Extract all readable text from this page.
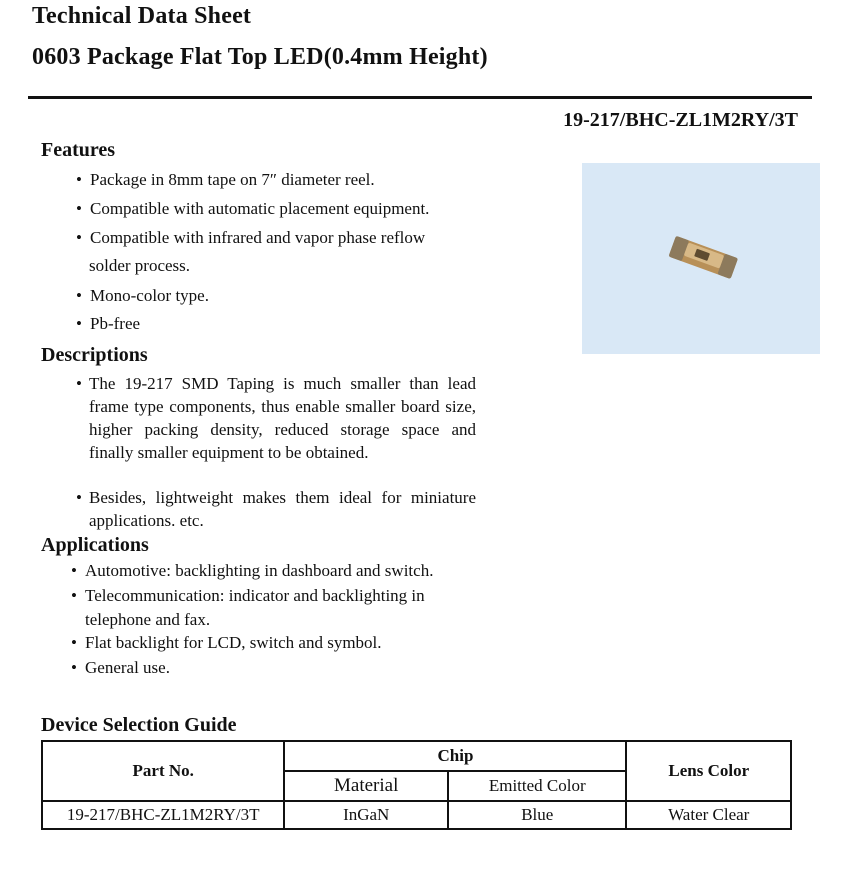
Technical Data Sheet
0603 Package Flat Top LED(0.4mm Height)
19-217/BHC-ZL1M2RY/3T
Features
• Package in 8mm tape on 7″ diameter reel.
• Compatible with automatic placement equipment.
• Compatible with infrared and vapor phase reflow
solder process.
• Mono-color type.
• Pb-free
Descriptions
• The 19-217 SMD Taping is much smaller than lead frame type components, thus enable smaller board size, higher packing density, reduced storage space and finally smaller equipment to be obtained.
• Besides, lightweight makes them ideal for miniature applications. etc.
Applications
• Automotive: backlighting in dashboard and switch.
• Telecommunication: indicator and backlighting in
telephone and fax.
• Flat backlight for LCD, switch and symbol.
• General use.
Device Selection Guide
Part No.	Chip		Lens Color
	Material	Emitted Color	
19-217/BHC-ZL1M2RY/3T	InGaN	Blue	Water Clear
